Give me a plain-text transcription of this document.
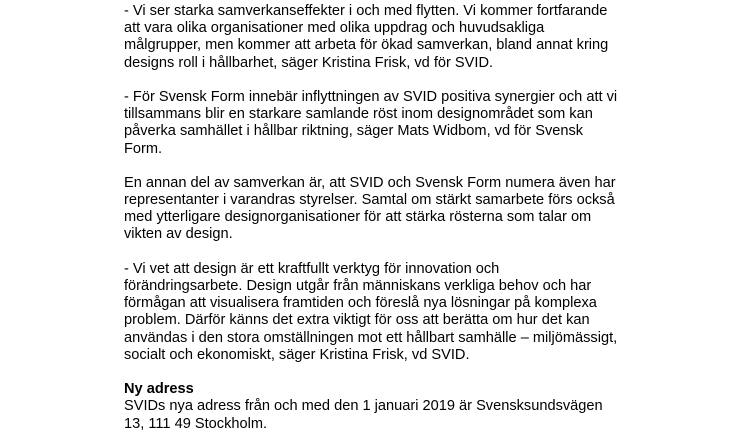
- Vi ser starka samverkanseffekter i och med flytten. Vi kommer fortfarande
att vara olika organisationer med olika uppdrag och huvudsakliga
målgrupper, men kommer att arbeta för ökad samverkan, bland annat kring
designs roll i hållbarhet, säger Kristina Frisk, vd för SVID.
- För Svensk Form innebär inflyttningen av SVID positiva synergier och att vi
tillsammans blir en starkare samlande röst inom designområdet som kan
påverka samhället i hållbar riktning, säger Mats Widbom, vd för Svensk
Form.
En annan del av samverkan är, att SVID och Svensk Form numera även har
representanter i varandras styrelser. Samtal om stärkt samarbete förs också
med ytterligare designorganisationer för att stärka rösterna som talar om
vikten av design.
- Vi vet att design är ett kraftfullt verktyg för innovation och
förändringsarbete. Design utgår från människans verkliga behov och har
förmågan att visualisera framtiden och föreslå nya lösningar på komplexa
problem. Därför känns det extra viktigt för oss att berätta om hur det kan
användas i den stora omställningen mot ett hållbart samhälle – miljömässigt,
socialt och ekonomiskt, säger Kristina Frisk, vd SVID.
Ny adress
SVIDs nya adress från och med den 1 januari 2019 är Svensksundsvägen
13, 111 49 Stockholm.
